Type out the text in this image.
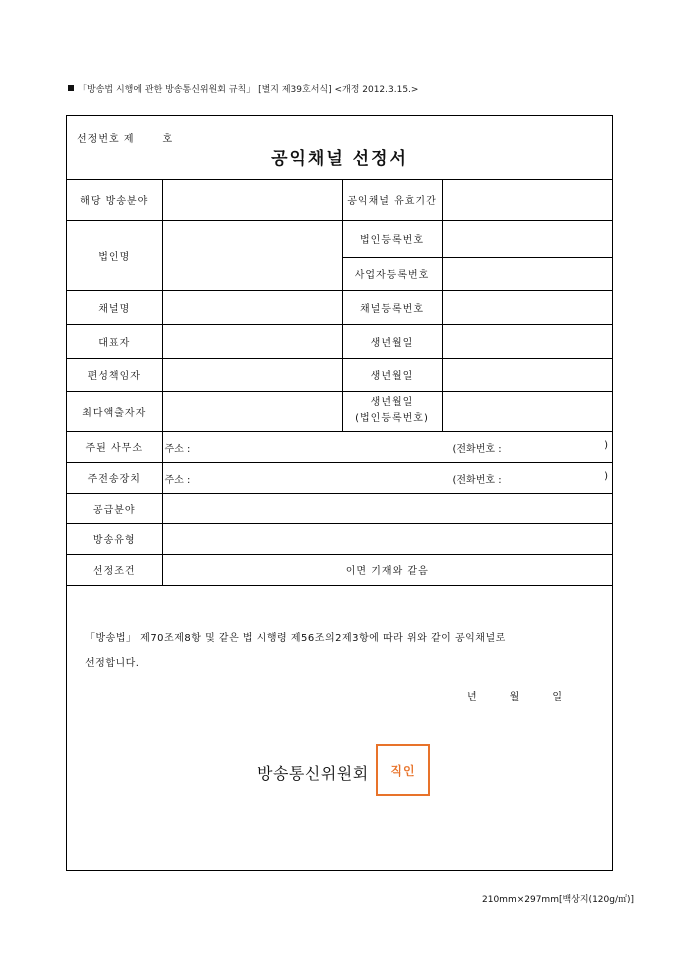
「방송법 시행에 관한 방송통신위원회 규칙」 [별지 제39호서식] <개정 2012.3.15.>
선정번호 제	호
공익채널 선정서
해당 방송분야		공익채널 유효기간	
법인명		법인등록번호	
		사업자등록번호	
채널명		채널등록번호	
대표자		생년월일	
편성책임자		생년월일	
최다액출자자		생년월일
(법인등록번호)	

주된 사무소	주소 : (전화번호 : )		

주전송장치	주소 : (전화번호 : )		

공급분야			
방송유형			
선정조건	이면 기재와 같음		
「방송법」 제70조제8항 및 같은 법 시행령 제56조의2제3항에 따라 위와 같이 공익채널로
선정합니다.
년	월	일
방송통신위원회	직인
210mm×297mm[백상지(120g/㎡)]
